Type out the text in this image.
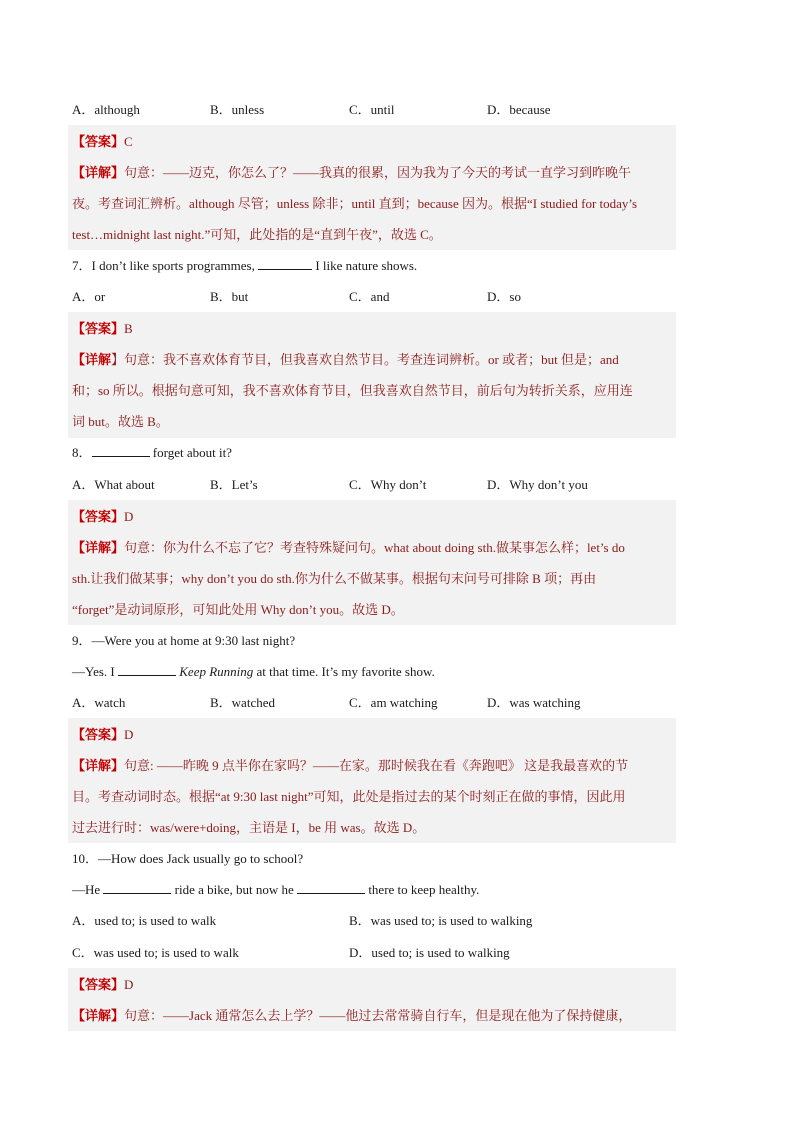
A．although	B．unless	C．until	D．because
【答案】C
【详解】句意：——迈克，你怎么了？——我真的很累，因为我为了今天的考试一直学习到昨晚午
夜。考查词汇辨析。although 尽管；unless 除非；until 直到；because 因为。根据“I studied for today’s
test…midnight last night.”可知，此处指的是“直到午夜”，故选 C。
7．I don’t like sports programmes,	I like nature shows.
A．or	B．but	C．and	D．so
【答案】B
【详解】句意：我不喜欢体育节目，但我喜欢自然节目。考查连词辨析。or 或者；but 但是；and
和；so 所以。根据句意可知，我不喜欢体育节目，但我喜欢自然节目，前后句为转折关系，应用连
词 but。故选 B。
8．	forget about it?
A．What about	B．Let’s	C．Why don’t	D．Why don’t you
【答案】D
【详解】句意：你为什么不忘了它？考查特殊疑问句。what about doing sth.做某事怎么样；let’s do
sth.让我们做某事；why don’t you do sth.你为什么不做某事。根据句末问号可排除 B 项；再由
“forget”是动词原形，可知此处用 Why don’t you。故选 D。
9．—Were you at home at 9:30 last night?
—Yes. I	Keep Running at that time. It’s my favorite show.
A．watch	B．watched	C．am watching	D．was watching
【答案】D
【详解】句意: ——昨晚 9 点半你在家吗？——在家。那时候我在看《奔跑吧》 这是我最喜欢的节
目。考查动词时态。根据“at 9:30 last night”可知，此处是指过去的某个时刻正在做的事情，因此用
过去进行时：was/were+doing，主语是 I，be 用 was。故选 D。
10．—How does Jack usually go to school?
—He	ride a bike, but now he	there to keep healthy.
A．used to; is used to walk	B．was used to; is used to walking
C．was used to; is used to walk	D．used to; is used to walking
【答案】D
【详解】句意：——Jack 通常怎么去上学？——他过去常常骑自行车，但是现在他为了保持健康，
